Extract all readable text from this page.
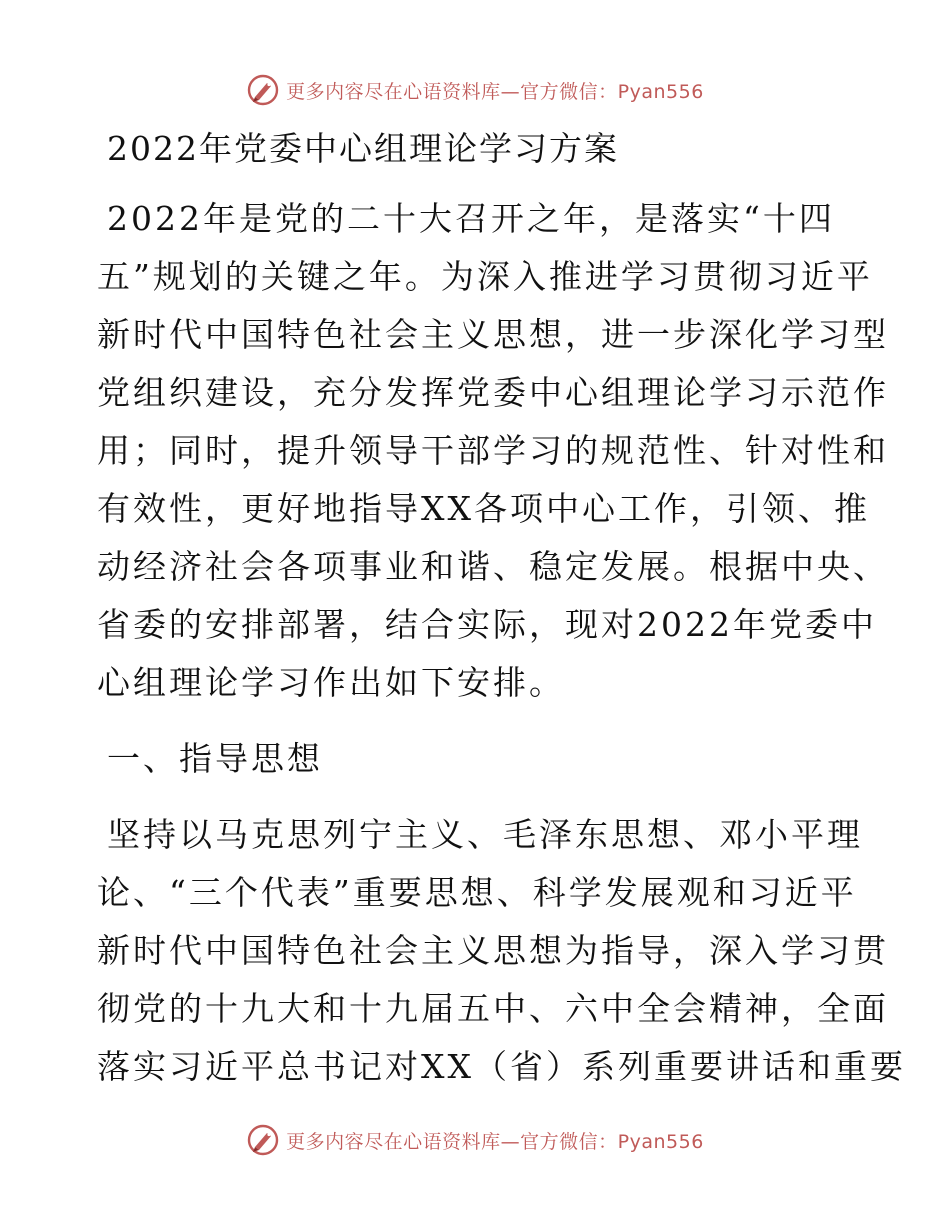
更多内容尽在心语资料库—官方微信：Pyan556
2022年党委中心组理论学习方案
2022年是党的二十大召开之年，是落实“十四
五”规划的关键之年。为深入推进学习贯彻习近平
新时代中国特色社会主义思想，进一步深化学习型
党组织建设，充分发挥党委中心组理论学习示范作
用；同时，提升领导干部学习的规范性、针对性和
有效性，更好地指导XX各项中心工作，引领、推
动经济社会各项事业和谐、稳定发展。根据中央、
省委的安排部署，结合实际，现对2022年党委中
心组理论学习作出如下安排。
一、指导思想
坚持以马克思列宁主义、毛泽东思想、邓小平理
论、“三个代表”重要思想、科学发展观和习近平
新时代中国特色社会主义思想为指导，深入学习贯
彻党的十九大和十九届五中、六中全会精神，全面
落实习近平总书记对XX（省）系列重要讲话和重要
更多内容尽在心语资料库—官方微信：Pyan556
